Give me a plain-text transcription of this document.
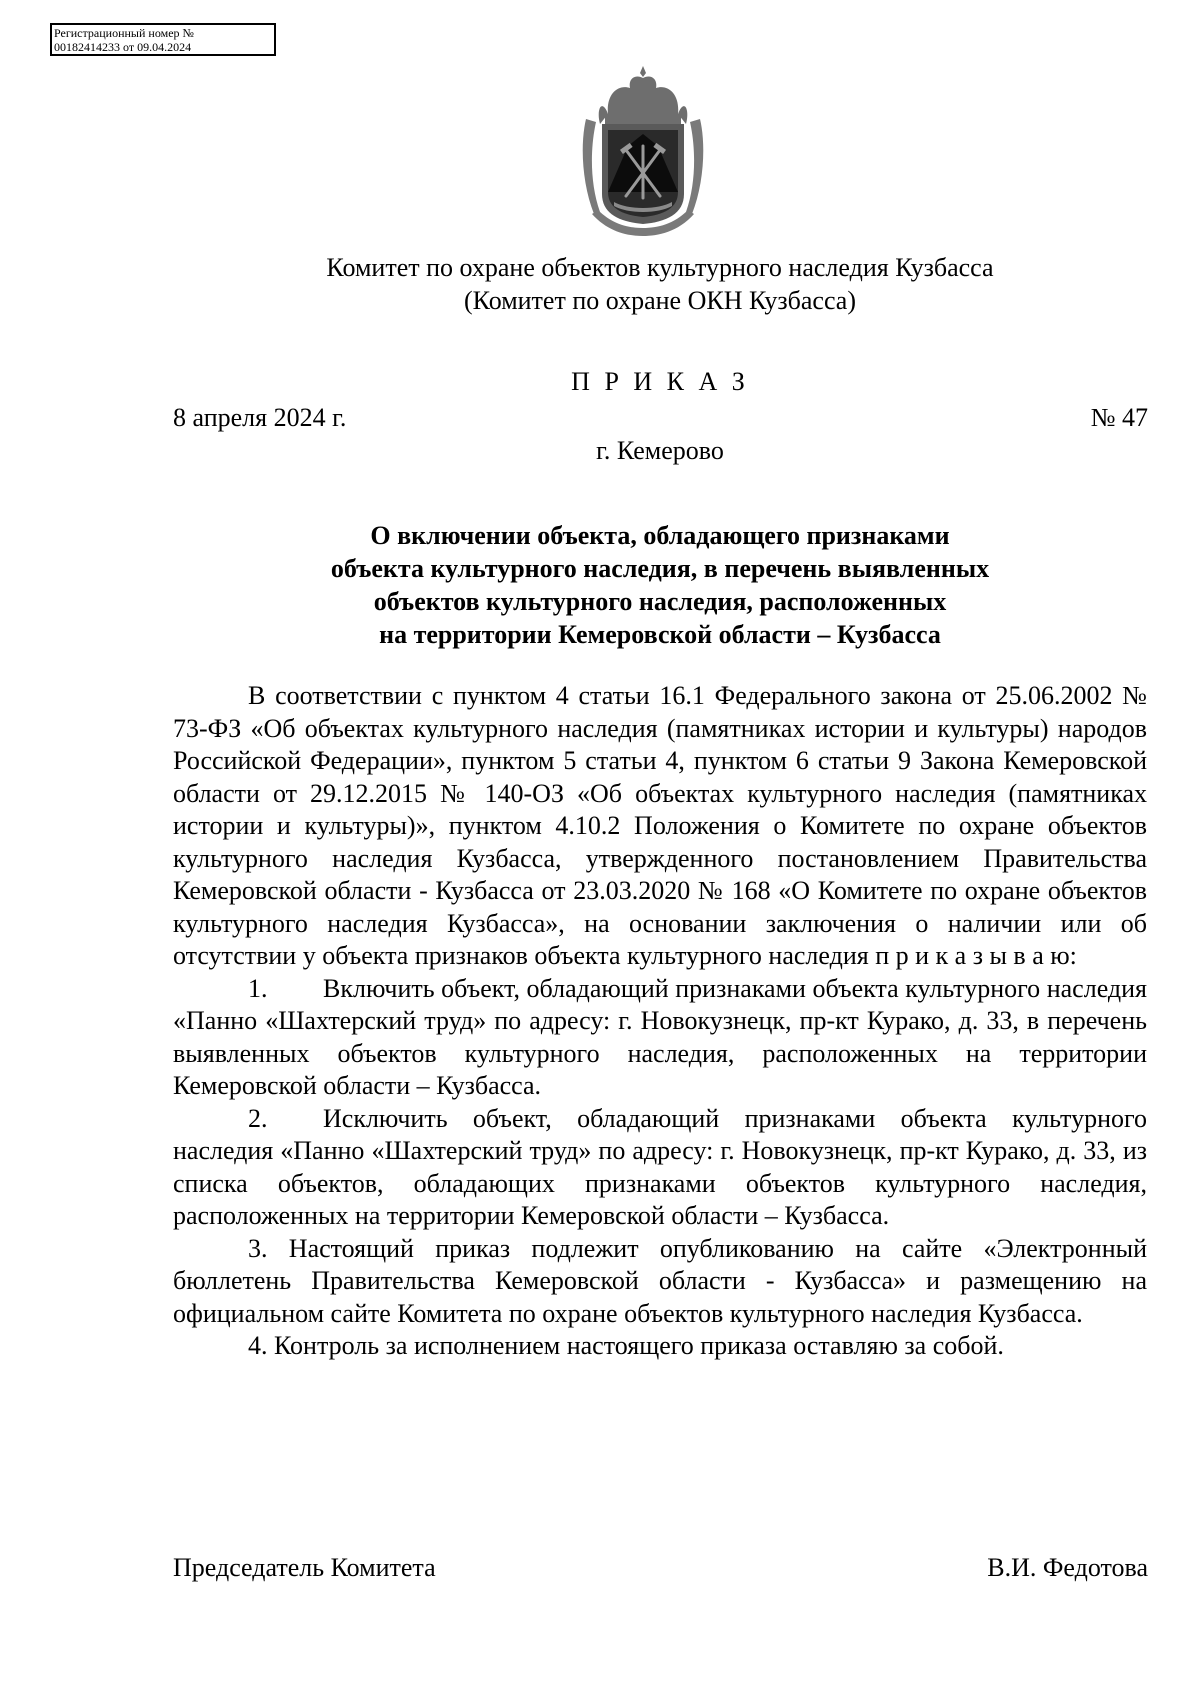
Регистрационный номер №
00182414233 от 09.04.2024
Комитет по охране объектов культурного наследия Кузбасса
(Комитет по охране ОКН Кузбасса)
П Р И К А З
8 апреля 2024 г.	№ 47
г. Кемерово
О включении объекта, обладающего признаками
объекта культурного наследия, в перечень выявленных
объектов культурного наследия, расположенных
на территории Кемеровской области – Кузбасса

В соответствии с пунктом 4 статьи 16.1 Федерального закона от 25.06.2002 № 73-ФЗ «Об объектах культурного наследия (памятниках истории и культуры) народов Российской Федерации», пунктом 5 статьи 4, пунктом 6 статьи 9 Закона Кемеровской области от 29.12.2015 № 140-ОЗ «Об объектах культурного наследия (памятниках истории и культуры)», пунктом 4.10.2 Положения о Комитете по охране объектов культурного наследия Кузбасса, утвержденного постановлением Правительства Кемеровской области - Кузбасса от 23.03.2020 № 168 «О Комитете по охране объектов культурного наследия Кузбасса», на основании заключения о наличии или об отсутствии у объекта признаков объекта культурного наследия п р и к а з ы в а ю:

1. Включить объект, обладающий признаками объекта культурного наследия «Панно «Шахтерский труд» по адресу: г. Новокузнецк, пр-кт Курако, д. 33, в перечень выявленных объектов культурного наследия, расположенных на территории Кемеровской области – Кузбасса.

2. Исключить объект, обладающий признаками объекта культурного наследия «Панно «Шахтерский труд» по адресу: г. Новокузнецк, пр-кт Курако, д. 33, из списка объектов, обладающих признаками объектов культурного наследия, расположенных на территории Кемеровской области – Кузбасса.

3. Настоящий приказ подлежит опубликованию на сайте «Электронный бюллетень Правительства Кемеровской области - Кузбасса» и размещению на официальном сайте Комитета по охране объектов культурного наследия Кузбасса.

4. Контроль за исполнением настоящего приказа оставляю за собой.

Председатель Комитета	В.И. Федотова
